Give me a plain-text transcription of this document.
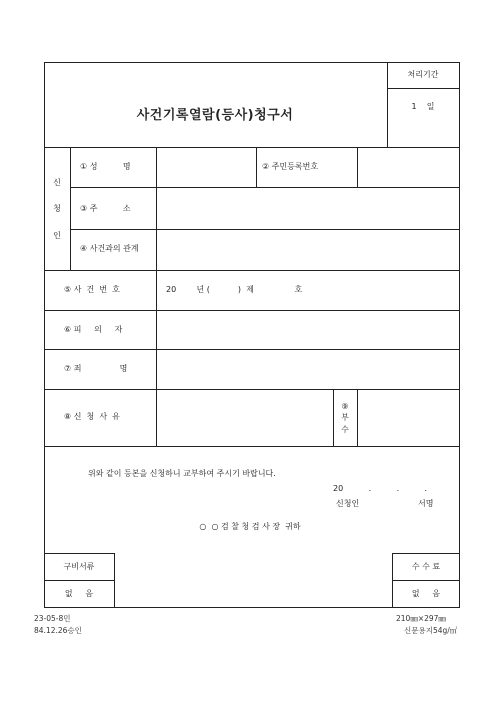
사건기록열람(등사)청구서
처리기간
1    일
신
청
인
① 성          명	② 주민등록번호
③ 주          소
④ 사건과의 관계
⑤ 사  건  번  호	20        년 (           )  제                호
⑥ 피     의     자
⑦ 죄               명
⑧ 신  청  사  유
⑨
부
수
위와 같이 등본을 신청하니 교부하여 주시기 바랍니다.
20          .          .          .
신청인	서명
○  ○ 검 찰 청 검 사 장  귀하
구비서류
없     음
수 수 료
없     음
23-05-8민
84.12.26승인
210㎜×297㎜
신문용지54g/㎡
